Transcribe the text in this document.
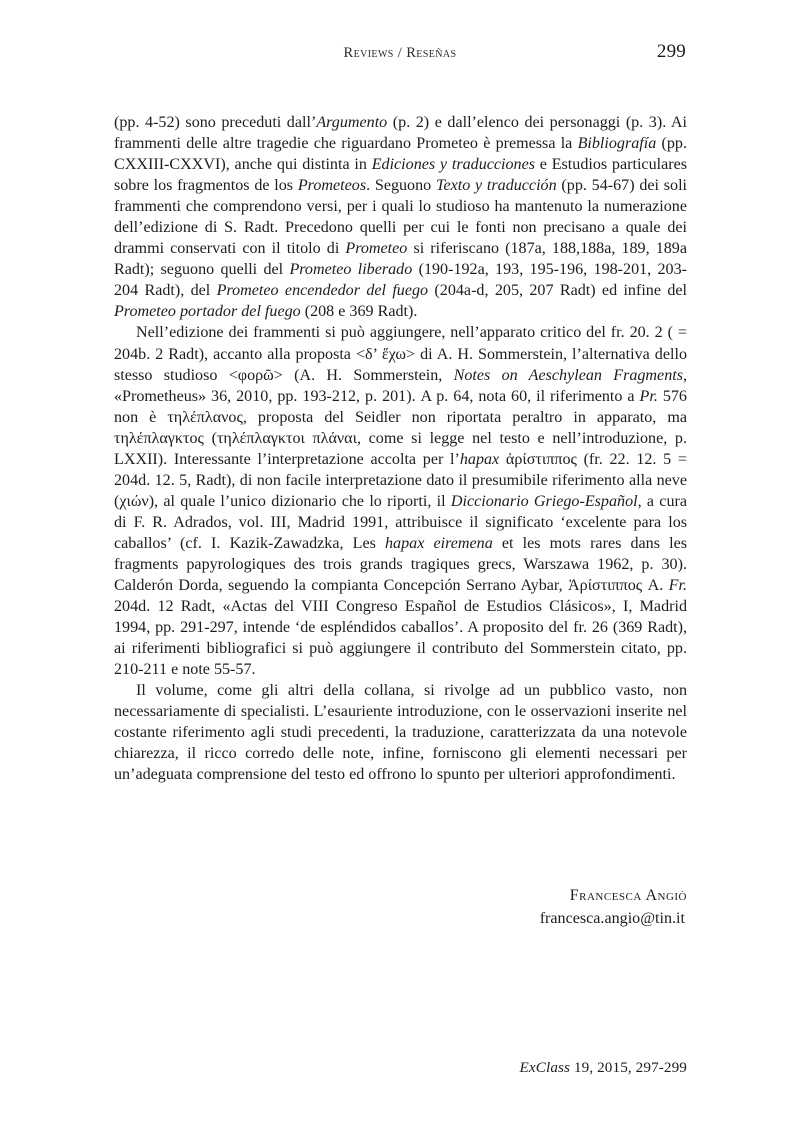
Reviews / Reseñas	299

(pp. 4-52) sono preceduti dall’Argumento (p. 2) e dall’elenco dei personaggi (p. 3). Ai frammenti delle altre tragedie che riguardano Prometeo è premessa la Bibliografía (pp. CXXIII-CXXVI), anche qui distinta in Ediciones y traducciones e Estudios particulares sobre los fragmentos de los Prometeos. Seguono Texto y traducción (pp. 54-67) dei soli frammenti che comprendono versi, per i quali lo studioso ha mantenuto la numerazione dell’edizione di S. Radt. Precedono quelli per cui le fonti non precisano a quale dei drammi conservati con il titolo di Prometeo si riferiscano (187a, 188,188a, 189, 189a Radt); seguono quelli del Prometeo liberado (190-192a, 193, 195-196, 198-201, 203-204 Radt), del Prometeo encendedor del fuego (204a-d, 205, 207 Radt) ed infine del Prometeo portador del fuego (208 e 369 Radt).

Nell’edizione dei frammenti si può aggiungere, nell’apparato critico del fr. 20. 2 ( = 204b. 2 Radt), accanto alla proposta <δ’ ἔχω> di A. H. Sommerstein, l’alternativa dello stesso studioso <φορῶ> (A. H. Sommerstein, Notes on Aeschylean Fragments, «Prometheus» 36, 2010, pp. 193-212, p. 201). A p. 64, nota 60, il riferimento a Pr. 576 non è τηλέπλανος, proposta del Seidler non riportata peraltro in apparato, ma τηλέπλαγκτος (τηλέπλαγκτοι πλάναι, come si legge nel testo e nell’introduzione, p. LXXII). Interessante l’interpretazione accolta per l’hapax ἀρίστιππος (fr. 22. 12. 5 = 204d. 12. 5, Radt), di non facile interpretazione dato il presumibile riferimento alla neve (χιών), al quale l’unico dizionario che lo riporti, il Diccionario Griego-Español, a cura di F. R. Adrados, vol. III, Madrid 1991, attribuisce il significato ‘excelente para los caballos’ (cf. I. Kazik-Zawadzka, Les hapax eiremena et les mots rares dans les fragments papyrologiques des trois grands tragiques grecs, Warszawa 1962, p. 30). Calderón Dorda, seguendo la compianta Concepción Serrano Aybar, Ἀρίστιππος A. Fr. 204d. 12 Radt, «Actas del VIII Congreso Español de Estudios Clásicos», I, Madrid 1994, pp. 291-297, intende ‘de espléndidos caballos’. A proposito del fr. 26 (369 Radt), ai riferimenti bibliografici si può aggiungere il contributo del Sommerstein citato, pp. 210-211 e note 55-57.

Il volume, come gli altri della collana, si rivolge ad un pubblico vasto, non necessariamente di specialisti. L’esauriente introduzione, con le osservazioni inserite nel costante riferimento agli studi precedenti, la traduzione, caratterizzata da una notevole chiarezza, il ricco corredo delle note, infine, forniscono gli elementi necessari per un’adeguata comprensione del testo ed offrono lo spunto per ulteriori approfondimenti.

Francesca Angiò
francesca.angio@tin.it
ExClass 19, 2015, 297-299
